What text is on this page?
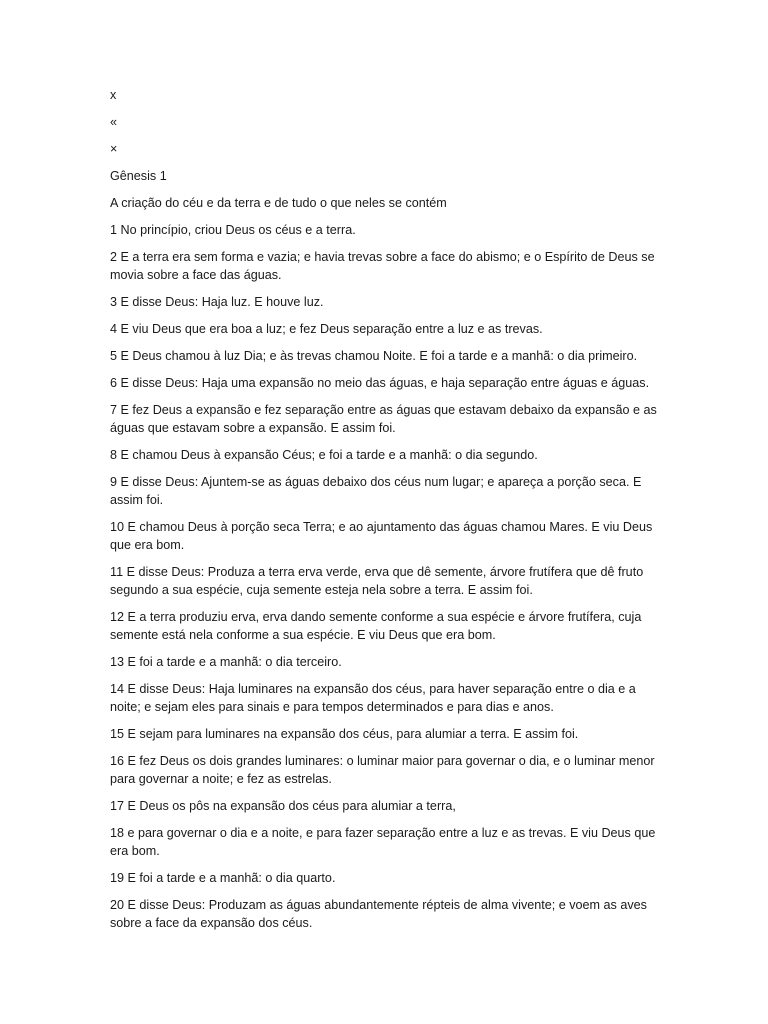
x

«

×

Gênesis 1

A criação do céu e da terra e de tudo o que neles se contém

1 No princípio, criou Deus os céus e a terra.

2 E a terra era sem forma e vazia; e havia trevas sobre a face do abismo; e o Espírito de Deus se movia sobre a face das águas.

3 E disse Deus: Haja luz. E houve luz.

4 E viu Deus que era boa a luz; e fez Deus separação entre a luz e as trevas.

5 E Deus chamou à luz Dia; e às trevas chamou Noite. E foi a tarde e a manhã: o dia primeiro.

6 E disse Deus: Haja uma expansão no meio das águas, e haja separação entre águas e águas.

7 E fez Deus a expansão e fez separação entre as águas que estavam debaixo da expansão e as águas que estavam sobre a expansão. E assim foi.

8 E chamou Deus à expansão Céus; e foi a tarde e a manhã: o dia segundo.

9 E disse Deus: Ajuntem-se as águas debaixo dos céus num lugar; e apareça a porção seca. E assim foi.

10 E chamou Deus à porção seca Terra; e ao ajuntamento das águas chamou Mares. E viu Deus que era bom.

11 E disse Deus: Produza a terra erva verde, erva que dê semente, árvore frutífera que dê fruto segundo a sua espécie, cuja semente esteja nela sobre a terra. E assim foi.

12 E a terra produziu erva, erva dando semente conforme a sua espécie e árvore frutífera, cuja semente está nela conforme a sua espécie. E viu Deus que era bom.

13 E foi a tarde e a manhã: o dia terceiro.

14 E disse Deus: Haja luminares na expansão dos céus, para haver separação entre o dia e a noite; e sejam eles para sinais e para tempos determinados e para dias e anos.

15 E sejam para luminares na expansão dos céus, para alumiar a terra. E assim foi.

16 E fez Deus os dois grandes luminares: o luminar maior para governar o dia, e o luminar menor para governar a noite; e fez as estrelas.

17 E Deus os pôs na expansão dos céus para alumiar a terra,

18 e para governar o dia e a noite, e para fazer separação entre a luz e as trevas. E viu Deus que era bom.

19 E foi a tarde e a manhã: o dia quarto.

20 E disse Deus: Produzam as águas abundantemente répteis de alma vivente; e voem as aves sobre a face da expansão dos céus.
